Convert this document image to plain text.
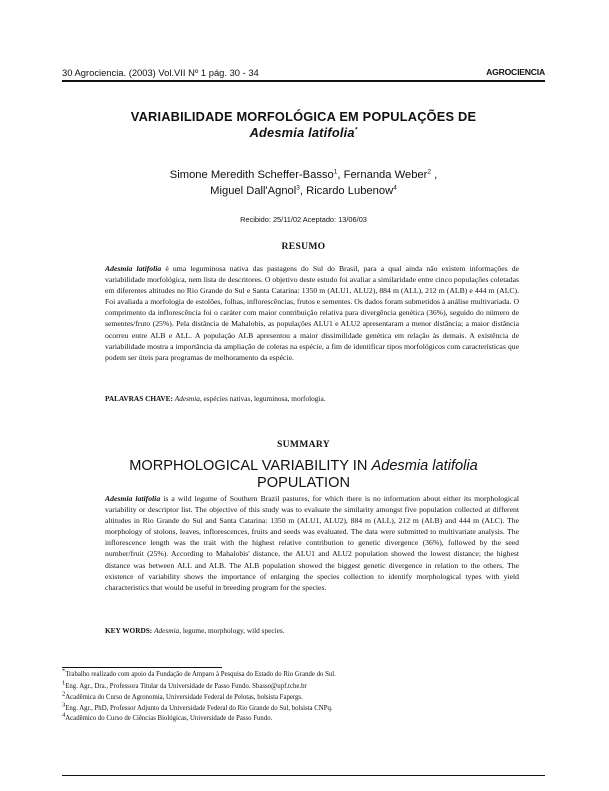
30 Agrociencia. (2003) Vol.VII Nº 1 pág. 30 - 34	AGROCIENCIA
VARIABILIDADE MORFOLÓGICA EM POPULAÇÕES DE
Adesmia latifolia*
Simone Meredith Scheffer-Basso$^1$, Fernanda Weber$^2$ ,
Miguel Dall'Agnol$^3$, Ricardo Lubenow$^4$
Recibido: 25/11/02 Aceptado: 13/06/03
RESUMO
Adesmia latifolia é uma leguminosa nativa das pastagens do Sul do Brasil, para a qual ainda não existem informações de variabilidade morfológica, nem lista de descritores. O objetivo deste estudo foi avaliar a similaridade entre cinco populações coletadas em diferentes altitudes no Rio Grande do Sul e Santa Catarina: 1350 m (ALU1, ALU2), 884 m (ALL), 212 m (ALB) e 444 m (ALC). Foi avaliada a morfologia de estolões, folhas, inflorescências, frutos e sementes. Os dados foram submetidos à análise multivariada. O comprimento da inflorescência foi o caráter com maior contribuição relativa para divergência genética (36%), seguido do número de sementes/fruto (25%). Pela distância de Mahalobis, as populações ALU1 e ALU2 apresentaram a menor distância; a maior distância ocorreu entre ALB e ALL. A população ALB apresentou a maior dissimilidade genética em relação às demais. A existência de variabilidade mostra a importância da ampliação de coletas na espécie, a fim de identificar tipos morfológicos com características que podem ser úteis para programas de melhoramento da espécie.
PALAVRAS CHAVE: Adesmia, espécies nativas, leguminosa, morfologia.
SUMMARY
MORPHOLOGICAL VARIABILITY IN Adesmia latifolia
POPULATION
Adesmia latifolia is a wild legume of Southern Brazil pastures, for which there is no information about either its morphological variability or descriptor list. The objective of this study was to evaluate the similarity amongst five population collected at different altitudes in Rio Grande do Sul and Santa Catarina: 1350 m (ALU1, ALU2), 884 m (ALL), 212 m (ALB) and 444 m (ALC). The morphology of stolons, leaves, inflorescences, fruits and seeds was evaluated. The data were submitted to multivariate analysis. The inflorescence length was the trait with the highest relative contribution to genetic divergence (36%), followed by the seed number/fruit (25%). According to Mahalobis' distance, the ALU1 and ALU2 population showed the lowest distance; the highest distance was between ALL and ALB. The ALB population showed the biggest genetic divergence in relation to the others. The existence of variability shows the importance of enlarging the species collection to identify morphological types with yield characteristics that would be useful in breeding program for the species.
KEY WORDS: Adesmia, legume, morphology, wild species.
*Trabalho realizado com apoio da Fundação de Amparo à Pesquisa do Estado do Rio Grande do Sul.
$^1$Eng. Agr., Dra., Professora Titular da Universidade de Passo Fundo. Sbasso@upf.tche.br
$^2$Acadêmica do Curso de Agronomia, Universidade Federal de Pelotas, bolsista Fapergs.
$^3$Eng. Agr., PhD, Professor Adjunto da Universidade Federal do Rio Grande do Sul, bolsista CNPq.
$^4$Acadêmico do Curso de Ciências Biológicas, Universidade de Passo Fundo.
